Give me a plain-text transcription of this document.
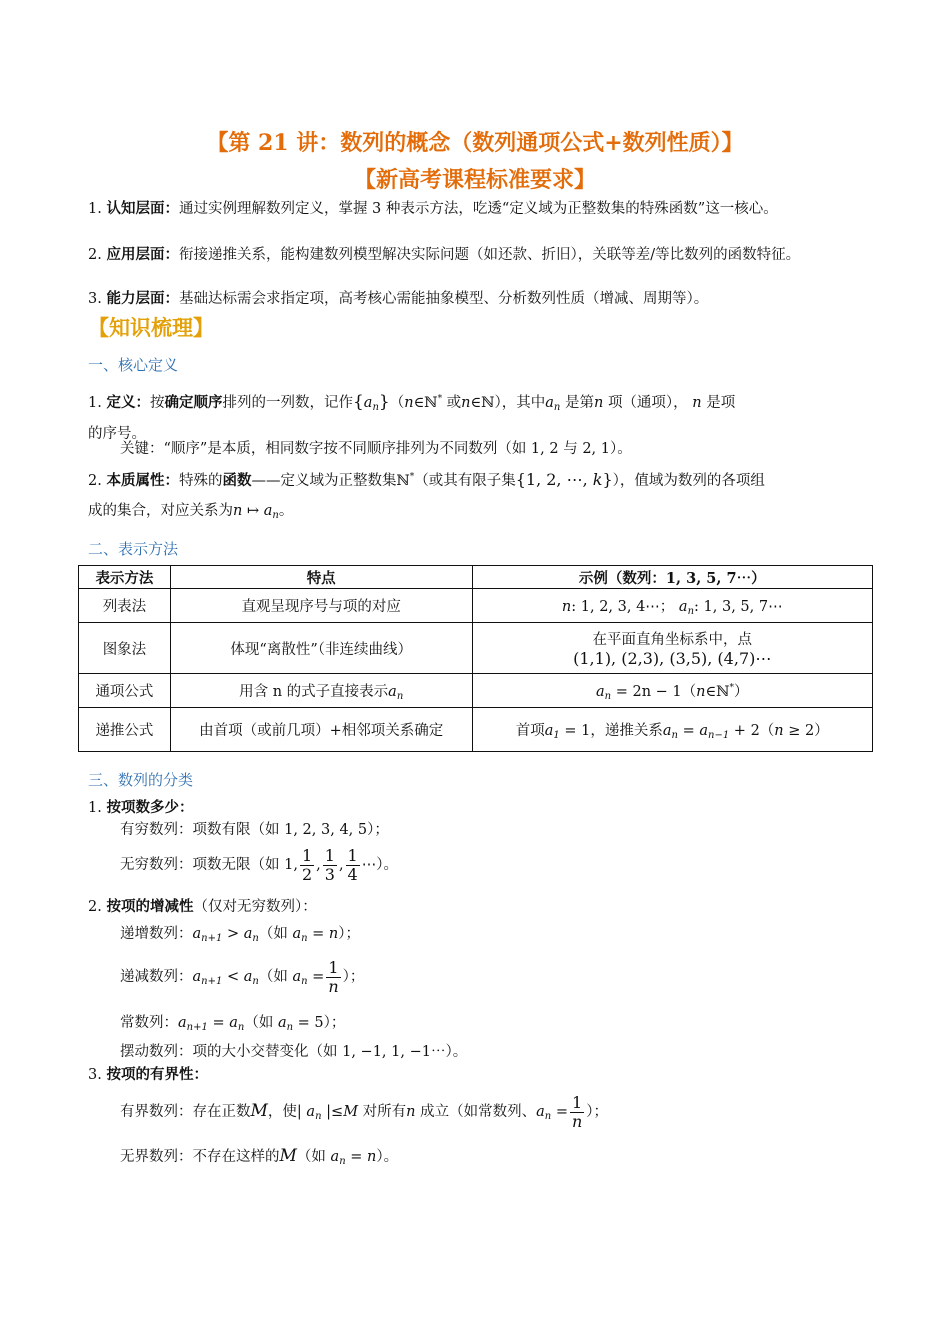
【第 21 讲：数列的概念（数列通项公式+数列性质）】
【新高考课程标准要求】
1. 认知层面：通过实例理解数列定义，掌握 3 种表示方法，吃透“定义域为正整数集的特殊函数”这一核心。
2. 应用层面：衔接递推关系，能构建数列模型解决实际问题（如还款、折旧），关联等差/等比数列的函数特征。
3. 能力层面：基础达标需会求指定项，高考核心需能抽象模型、分析数列性质（增减、周期等）。
【知识梳理】
一、核心定义
1. 定义：按确定顺序排列的一列数，记作$\{a_n\}(n\in ℕ^*$ 或n∈ℕ），其中$a_n$ 是第n 项（通项）， n 是项
的序号。
关键：“顺序”是本质，相同数字按不同顺序排列为不同数列（如 1, 2 与 2, 1）。
2. 本质属性：特殊的函数——定义域为正整数集ℕ*（或其有限子集{1, 2, ⋯, k}），值域为数列的各项组
成的集合，对应关系为n ↦ $a_n$。
二、表示方法
表示方法	特点	示例（数列：1, 3, 5, 7⋯）
列表法	直观呈现序号与项的对应	n: 1, 2, 3, 4⋯； $a_n$: 1, 3, 5, 7⋯
图象法	体现“离散性”（非连续曲线）	在平面直角坐标系中，点
(1,1), (2,3), (3,5), (4,7)⋯

通项公式	用含 n 的式子直接表示$a_n$	$a_n = 2n$ − 1（n∈ℕ*）
递推公式	由首项（或前几项）+相邻项关系确定	首项$a_1 = 1$，递推关系$a_n = a_{n-1} + 2(n \ge 2)$
三、数列的分类
1. 按项数多少：
有穷数列：项数有限（如 1, 2, 3, 4, 5）；
无穷数列：项数无限（如 1, $\frac{1}{2}$ , $\frac{1}{3}$ , $\frac{1}{4}$ ⋯）。
2. 按项的增减性（仅对无穷数列）：
递增数列：$a_{n+1} > a_n$（如 $a_n = n$）；
递减数列：$a_{n+1} < a_n$（如 $a_n = \frac{1}{n}$ ）；
常数列：$a_{n+1} = a_n$（如 $a_n = 5$）；
摆动数列：项的大小交替变化（如 1, −1, 1, −1⋯）。
3. 按项的有界性：
有界数列：存在正数M，使| $a_n$ |≤M 对所有n 成立（如常数列、$a_n = \frac{1}{n}$ ）；
无界数列：不存在这样的M（如 $a_n = n$）。
